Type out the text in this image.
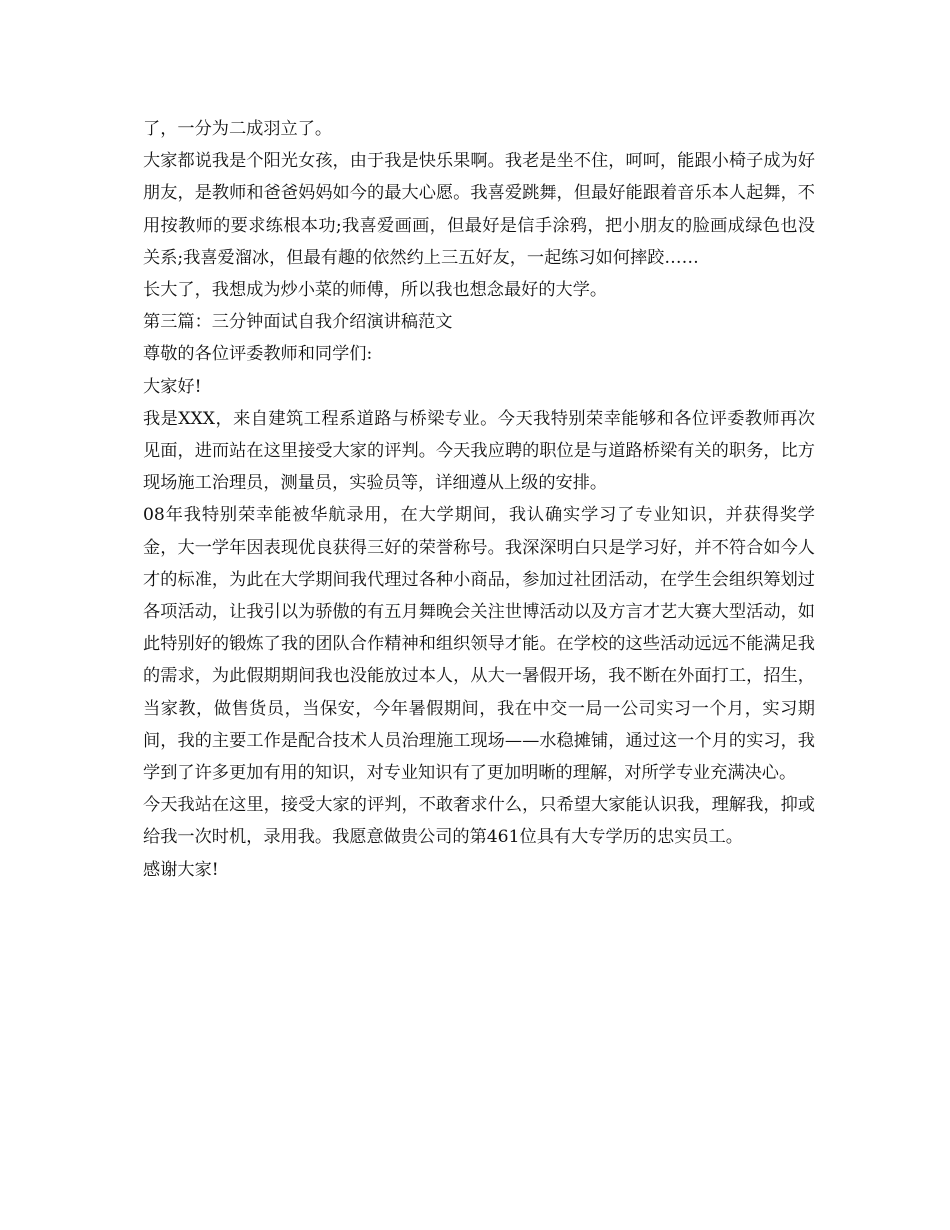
了，一分为二成羽立了。

大家都说我是个阳光女孩，由于我是快乐果啊。我老是坐不住，呵呵，能跟小椅子成为好朋友，是教师和爸爸妈妈如今的最大心愿。我喜爱跳舞，但最好能跟着音乐本人起舞，不用按教师的要求练根本功;我喜爱画画，但最好是信手涂鸦，把小朋友的脸画成绿色也没关系;我喜爱溜冰，但最有趣的依然约上三五好友，一起练习如何摔跤……

长大了，我想成为炒小菜的师傅，所以我也想念最好的大学。

第三篇：三分钟面试自我介绍演讲稿范文

尊敬的各位评委教师和同学们:

大家好!

我是XXX，来自建筑工程系道路与桥梁专业。今天我特别荣幸能够和各位评委教师再次见面，进而站在这里接受大家的评判。今天我应聘的职位是与道路桥梁有关的职务，比方现场施工治理员，测量员，实验员等，详细遵从上级的安排。

08年我特别荣幸能被华航录用，在大学期间，我认确实学习了专业知识，并获得奖学金，大一学年因表现优良获得三好的荣誉称号。我深深明白只是学习好，并不符合如今人才的标准，为此在大学期间我代理过各种小商品，参加过社团活动，在学生会组织筹划过各项活动，让我引以为骄傲的有五月舞晚会关注世博活动以及方言才艺大赛大型活动，如此特别好的锻炼了我的团队合作精神和组织领导才能。在学校的这些活动远远不能满足我的需求，为此假期期间我也没能放过本人，从大一暑假开场，我不断在外面打工，招生，当家教，做售货员，当保安，今年暑假期间，我在中交一局一公司实习一个月，实习期间，我的主要工作是配合技术人员治理施工现场——水稳摊铺，通过这一个月的实习，我学到了许多更加有用的知识，对专业知识有了更加明晰的理解，对所学专业充满决心。

今天我站在这里，接受大家的评判，不敢奢求什么，只希望大家能认识我，理解我，抑或给我一次时机，录用我。我愿意做贵公司的第461位具有大专学历的忠实员工。

感谢大家!
